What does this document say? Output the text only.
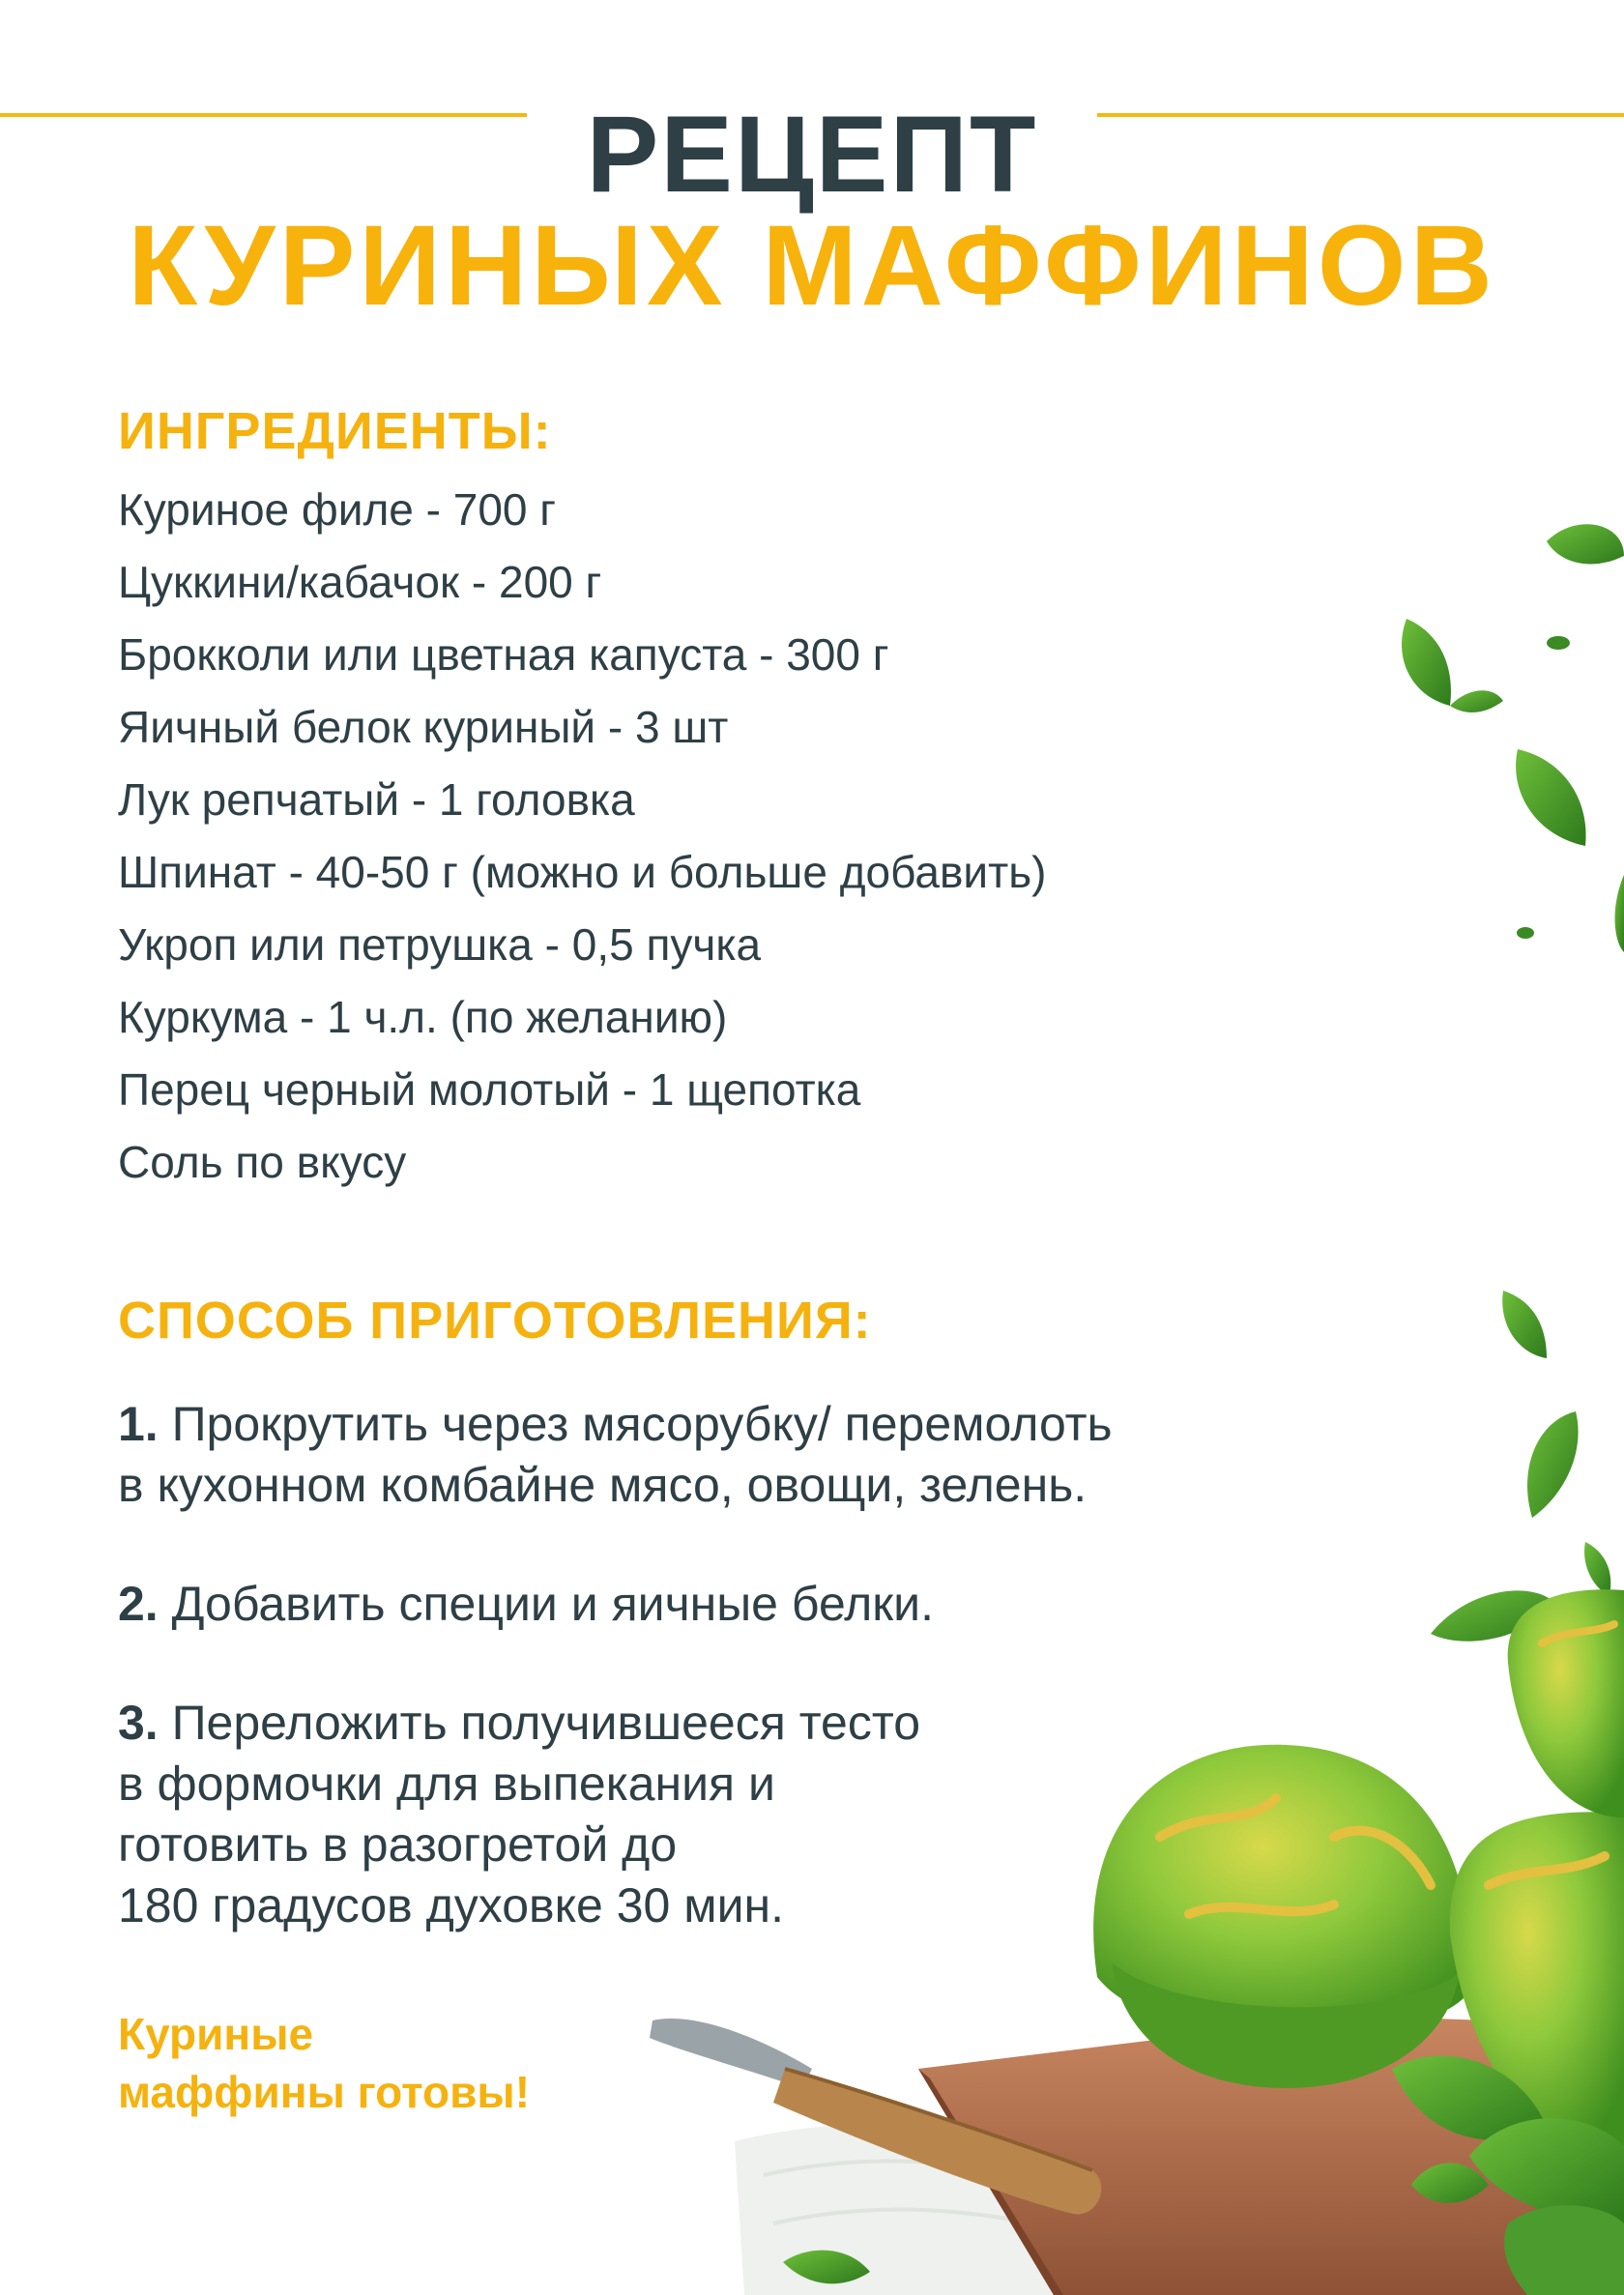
РЕЦЕПТ
КУРИНЫХ МАФФИНОВ
ИНГРЕДИЕНТЫ:
Куриное филе - 700 г
Цуккини/кабачок - 200 г
Брокколи или цветная капуста - 300 г
Яичный белок куриный - 3 шт
Лук репчатый - 1 головка
Шпинат - 40-50 г (можно и больше добавить)
Укроп или петрушка - 0,5 пучка
Куркума - 1 ч.л. (по желанию)
Перец черный молотый - 1 щепотка
Соль по вкусу
СПОСОБ ПРИГОТОВЛЕНИЯ:
1. Прокрутить через мясорубку/ перемолоть
в кухонном комбайне мясо, овощи, зелень.
2. Добавить специи и яичные белки.
3. Переложить получившееся тесто
в формочки для выпекания и
готовить в разогретой до
180 градусов духовке 30 мин.
Куриные
маффины готовы!
